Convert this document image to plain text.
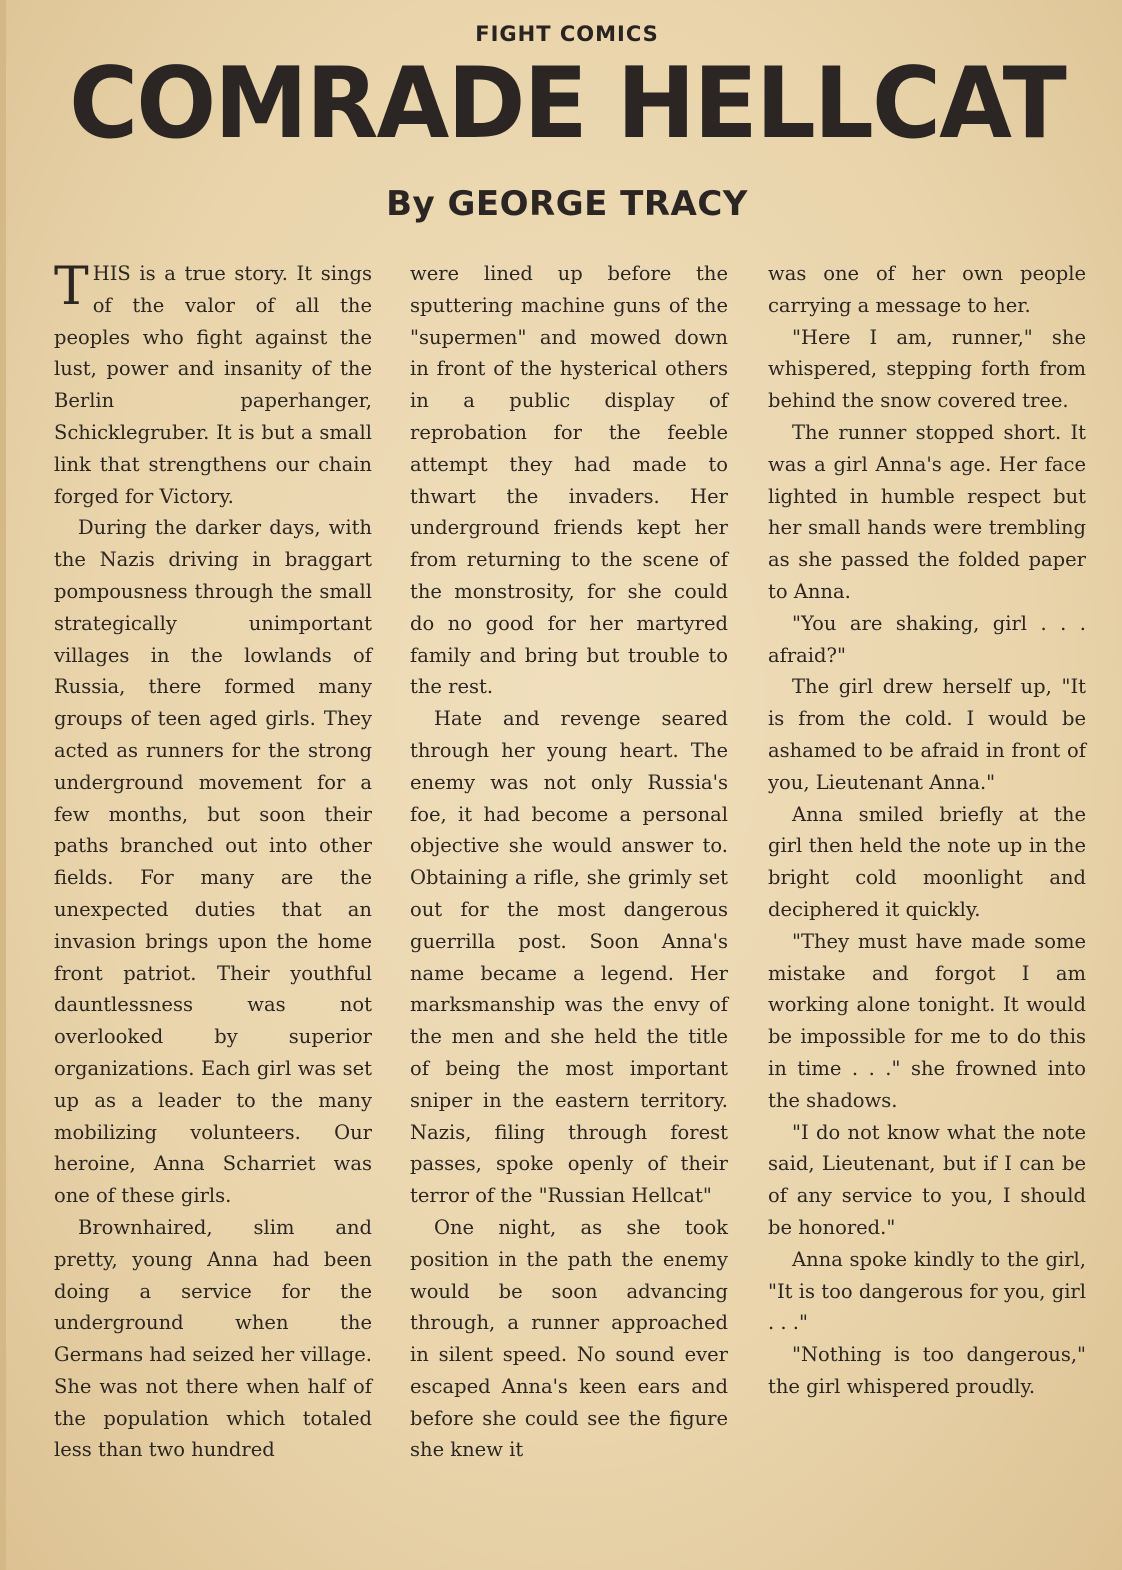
FIGHT COMICS
COMRADE HELLCAT
By GEORGE TRACY

THIS is a true story. It sings of the valor of all the peoples who fight against the lust, power and insanity of the Berlin paperhanger, Schicklegruber. It is but a small link that strengthens our chain forged for Victory.

During the darker days, with the Nazis driving in braggart pompousness through the small strategically unimportant villages in the lowlands of Russia, there formed many groups of teen aged girls. They acted as runners for the strong underground movement for a few months, but soon their paths branched out into other fields. For many are the unexpected duties that an invasion brings upon the home front patriot. Their youthful dauntlessness was not overlooked by superior organizations. Each girl was set up as a leader to the many mobilizing volunteers. Our heroine, Anna Scharriet was one of these girls.

Brownhaired, slim and pretty, young Anna had been doing a service for the underground when the Germans had seized her village. She was not there when half of the population which totaled less than two hundred

were lined up before the sputtering machine guns of the "supermen" and mowed down in front of the hysterical others in a public display of reprobation for the feeble attempt they had made to thwart the invaders. Her underground friends kept her from returning to the scene of the monstrosity, for she could do no good for her martyred family and bring but trouble to the rest.

Hate and revenge seared through her young heart. The enemy was not only Russia's foe, it had become a personal objective she would answer to. Obtaining a rifle, she grimly set out for the most dangerous guerrilla post. Soon Anna's name became a legend. Her marksmanship was the envy of the men and she held the title of being the most important sniper in the eastern territory. Nazis, filing through forest passes, spoke openly of their terror of the "Russian Hellcat"

One night, as she took position in the path the enemy would be soon advancing through, a runner approached in silent speed. No sound ever escaped Anna's keen ears and before she could see the figure she knew it

was one of her own people carrying a message to her.

"Here I am, runner," she whispered, stepping forth from behind the snow covered tree.

The runner stopped short. It was a girl Anna's age. Her face lighted in humble respect but her small hands were trembling as she passed the folded paper to Anna.

"You are shaking, girl . . . afraid?"

The girl drew herself up, "It is from the cold. I would be ashamed to be afraid in front of you, Lieutenant Anna."

Anna smiled briefly at the girl then held the note up in the bright cold moonlight and deciphered it quickly.

"They must have made some mistake and forgot I am working alone tonight. It would be impossible for me to do this in time . . ." she frowned into the shadows.

"I do not know what the note said, Lieutenant, but if I can be of any service to you, I should be honored."

Anna spoke kindly to the girl, "It is too dangerous for you, girl . . ."

"Nothing is too dangerous," the girl whispered proudly.
